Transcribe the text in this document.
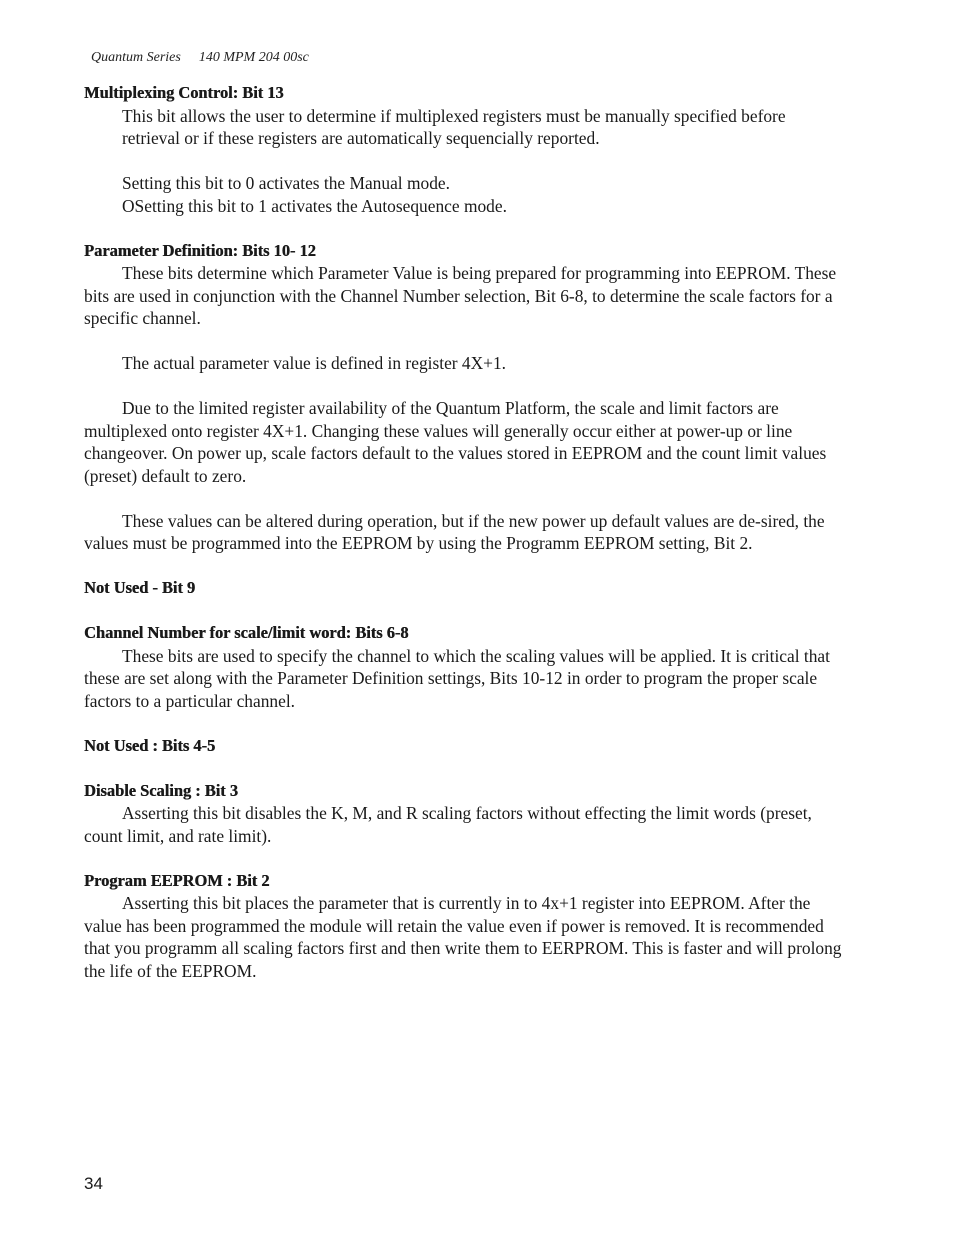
Quantum Series 140 MPM 204 00sc
Multiplexing Control: Bit 13

This bit allows the user to determine if multiplexed registers must be manually specified before retrieval or if these registers are automatically sequencially reported.

Setting this bit to 0 activates the Manual mode.

OSetting this bit to 1 activates the Autosequence mode.

Parameter Definition: Bits 10- 12

These bits determine which Parameter Value is being prepared for programming into EEPROM. These bits are used in conjunction with the Channel Number selection, Bit 6-8, to determine the scale factors for a specific channel.

The actual parameter value is defined in register 4X+1.

Due to the limited register availability of the Quantum Platform, the scale and limit factors are multiplexed onto register 4X+1. Changing these values will generally occur either at power-up or line changeover. On power up, scale factors default to the values stored in EEPROM and the count limit values (preset) default to zero.

These values can be altered during operation, but if the new power up default values are de-sired, the values must be programmed into the EEPROM by using the Programm EEPROM setting, Bit 2.

Not Used - Bit 9
Channel Number for scale/limit word: Bits 6-8

These bits are used to specify the channel to which the scaling values will be applied. It is critical that these are set along with the Parameter Definition settings, Bits 10-12 in order to program the proper scale factors to a particular channel.

Not Used : Bits 4-5
Disable Scaling : Bit 3

Asserting this bit disables the K, M, and R scaling factors without effecting the limit words (preset, count limit, and rate limit).

Program EEPROM : Bit 2

Asserting this bit places the parameter that is currently in to 4x+1 register into EEPROM. After the value has been programmed the module will retain the value even if power is removed. It is recommended that you programm all scaling factors first and then write them to EERPROM. This is faster and will prolong the life of the EEPROM.

34
